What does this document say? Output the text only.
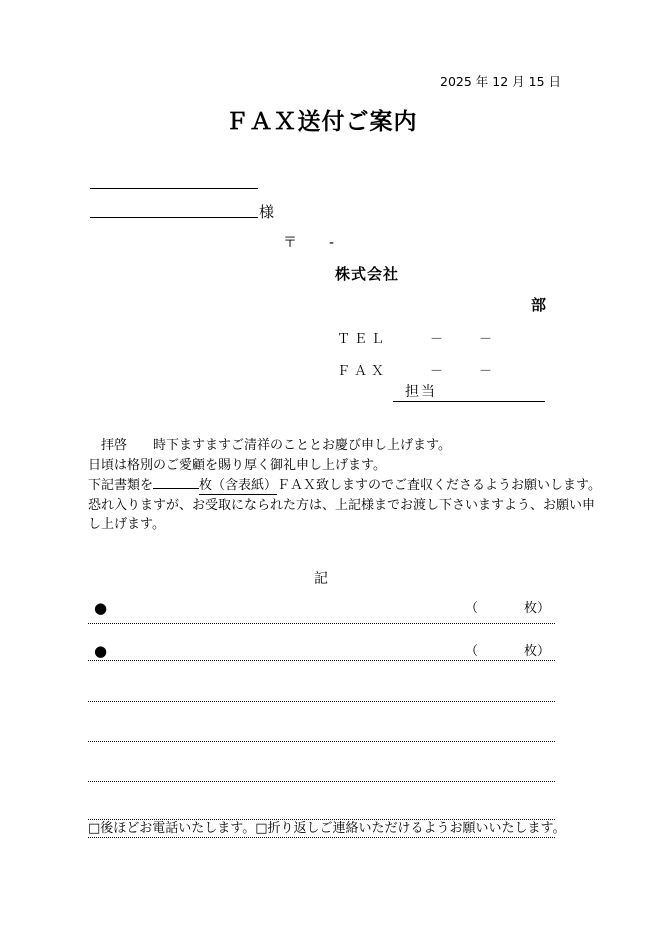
2025 年 12 月 15 日
ＦＡＸ送付ご案内
様
〒 -
株式会社
部
ＴＥＬ	－	－
ＦＡＸ	－	－
担当
　拝啓　　時下ますますご清祥のこととお慶び申し上げます。
日頃は格別のご愛顧を賜り厚く御礼申し上げます。
下記書類を	枚（含表紙）ＦＡＸ致しますのでご査収くださるようお願いします。
恐れ入りますが、お受取になられた方は、上記様までお渡し下さいますよう、お願い申
し上げます。
記
●	（	枚）
●	（	枚）
□後ほどお電話いたします。□折り返しご連絡いただけるようお願いいたします。
